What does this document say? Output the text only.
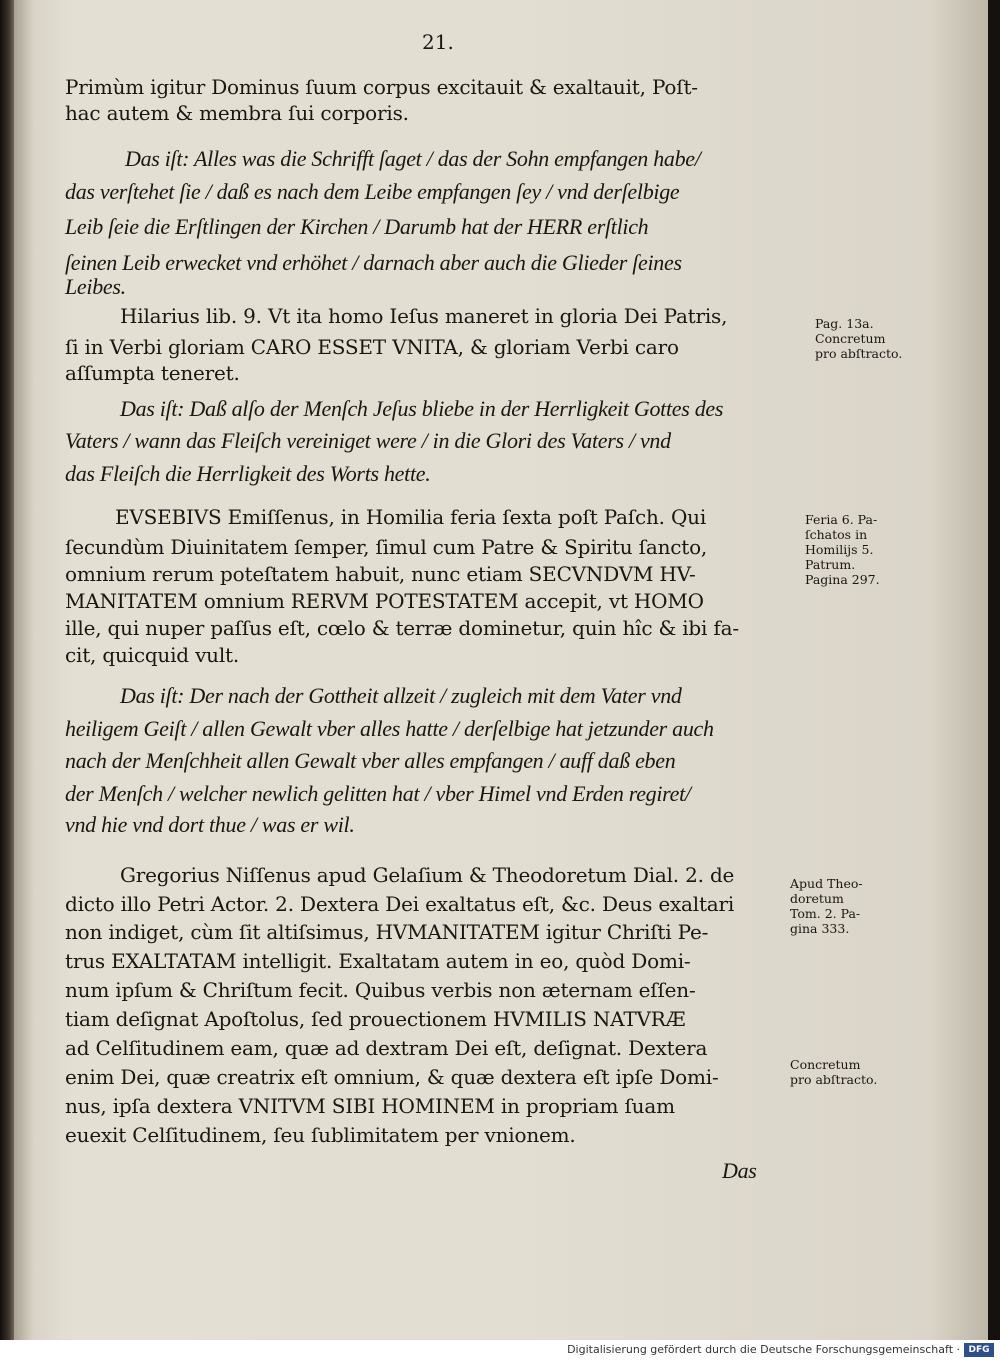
21.

Primùm igitur Dominus ſuum corpus excitauit & exaltauit, Poſt-

hac autem & membra ſui corporis.

Das iſt: Alles was die Schrifft ſaget / das der Sohn empfangen habe/

das verſtehet ſie / daß es nach dem Leibe empfangen ſey / vnd derſelbige

Leib ſeie die Erſtlingen der Kirchen / Darumb hat der HERR erſtlich

ſeinen Leib erwecket vnd erhöhet / darnach aber auch die Glieder ſeines

Leibes.

Hilarius lib. 9. Vt ita homo Ieſus maneret in gloria Dei Patris,

ſi in Verbi gloriam CARO ESSET VNITA, & gloriam Verbi caro

aſſumpta teneret.

Das iſt: Daß alſo der Menſch Jeſus bliebe in der Herrligkeit Gottes des

Vaters / wann das Fleiſch vereiniget were / in die Glori des Vaters / vnd

das Fleiſch die Herrligkeit des Worts hette.

EVSEBIVS Emiſſenus, in Homilia feria ſexta poſt Paſch. Qui

ſecundùm Diuinitatem ſemper, ſimul cum Patre & Spiritu ſancto,

omnium rerum poteſtatem habuit, nunc etiam SECVNDVM HV-

MANITATEM omnium RERVM POTESTATEM accepit, vt HOMO

ille, qui nuper paſſus eſt, cœlo & terræ dominetur, quin hîc & ibi fa-

cit, quicquid vult.

Das iſt: Der nach der Gottheit allzeit / zugleich mit dem Vater vnd

heiligem Geiſt / allen Gewalt vber alles hatte / derſelbige hat jetzunder auch

nach der Menſchheit allen Gewalt vber alles empfangen / auff daß eben

der Menſch / welcher newlich gelitten hat / vber Himel vnd Erden regiret/

vnd hie vnd dort thue / was er wil.

Gregorius Niſſenus apud Gelaſium & Theodoretum Dial. 2. de

dicto illo Petri Actor. 2. Dextera Dei exaltatus eſt, &c. Deus exaltari

non indiget, cùm ſit altiſsimus, HVMANITATEM igitur Chriſti Pe-

trus EXALTATAM intelligit. Exaltatam autem in eo, quòd Domi-

num ipſum & Chriſtum fecit. Quibus verbis non æternam eſſen-

tiam deſignat Apoſtolus, ſed prouectionem HVMILIS NATVRÆ

ad Celſitudinem eam, quæ ad dextram Dei eſt, deſignat. Dextera

enim Dei, quæ creatrix eſt omnium, & quæ dextera eſt ipſe Domi-

nus, ipſa dextera VNITVM SIBI HOMINEM in propriam ſuam

euexit Celſitudinem, ſeu ſublimitatem per vnionem.

Das

Pag. 13a.
Concretum
pro abſtracto.
Feria 6. Pa-
ſchatos in
Homilijs 5.
Patrum.
Pagina 297.
Apud Theo-
doretum
Tom. 2. Pa-
gina 333.
Concretum
pro abſtracto.
Digitalisierung gefördert durch die Deutsche Forschungsgemeinschaft · DFG
